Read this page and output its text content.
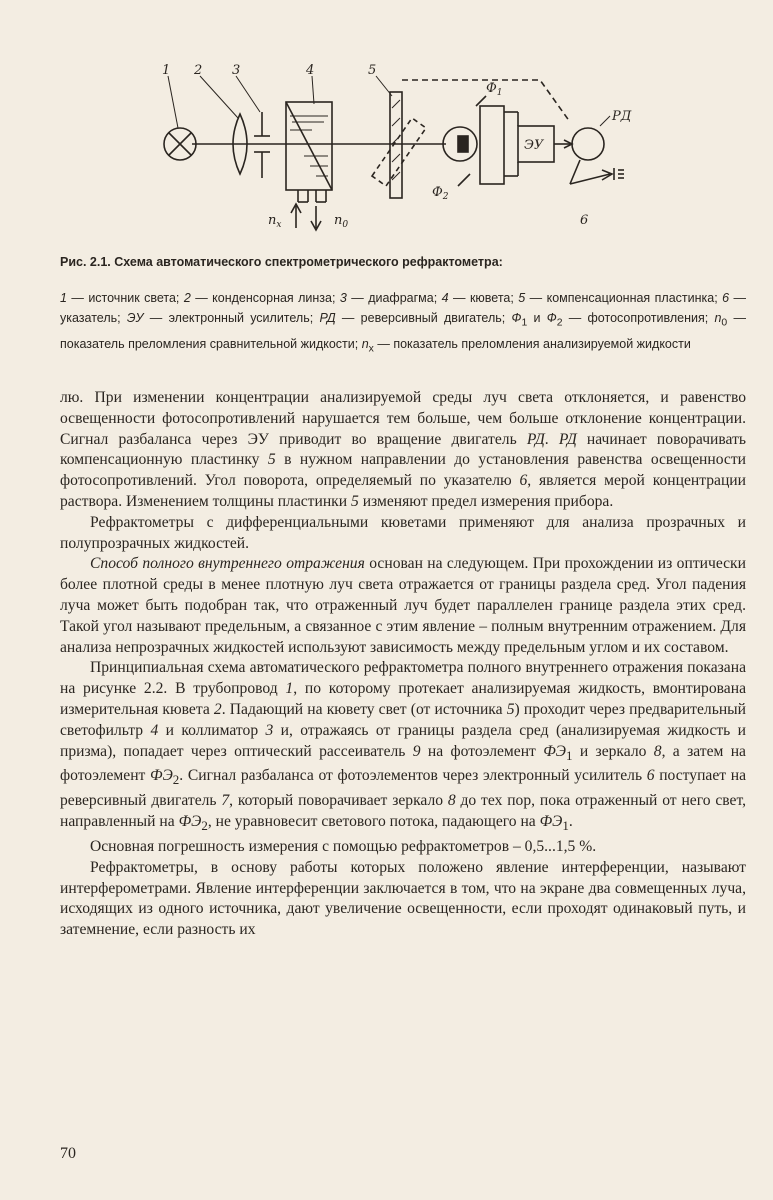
1 2 3	4	5
$Ф_1$
ЭУ
РД
$Ф_2$
6
$n_x$	$n_0$
Рис. 2.1. Схема автоматического спектрометрического рефрактометра:
1 — источник света; 2 — конденсорная линза; 3 — диафрагма; 4 — кювета; 5 — компенсационная пластинка; 6 — указатель; ЭУ — электронный усилитель; РД — реверсивный двигатель; $Ф_1$ и $Ф_2$ — фотосопротивления; $n_0$ — показатель преломления сравнительной жидкости; $n_x$ — показатель преломления анализируемой жидкости

лю. При изменении концентрации анализируемой среды луч света отклоняется, и равенство освещенности фотосопротивлений нарушается тем больше, чем больше отклонение концентрации. Сигнал разбаланса через ЭУ приводит во вращение двигатель РД. РД начинает поворачивать компенсационную пластинку 5 в нужном направлении до установления равенства освещенности фотосопротивлений. Угол поворота, определяемый по указателю 6, является мерой концентрации раствора. Изменением толщины пластинки 5 изменяют предел измерения прибора.

Рефрактометры с дифференциальными кюветами применяют для анализа прозрачных и полупрозрачных жидкостей.

Способ полного внутреннего отражения основан на следующем. При прохождении из оптически более плотной среды в менее плотную луч света отражается от границы раздела сред. Угол падения луча может быть подобран так, что отраженный луч будет параллелен границе раздела этих сред. Такой угол называют предельным, а связанное с этим явление – полным внутренним отражением. Для анализа непрозрачных жидкостей используют зависимость между предельным углом и их составом.

Принципиальная схема автоматического рефрактометра полного внутреннего отражения показана на рисунке 2.2. В трубопровод 1, по которому протекает анализируемая жидкость, вмонтирована измерительная кювета 2. Падающий на кювету свет (от источника 5) проходит через предварительный светофильтр 4 и коллиматор 3 и, отражаясь от границы раздела сред (анализируемая жидкость и призма), попадает через оптический рассеиватель 9 на фотоэлемент $ФЭ_1$ и зеркало 8, а затем на фотоэлемент $ФЭ_2$. Сигнал разбаланса от фотоэлементов через электронный усилитель 6 поступает на реверсивный двигатель 7, который поворачивает зеркало 8 до тех пор, пока отраженный от него свет, направленный на $ФЭ_2$, не уравновесит светового потока, падающего на $ФЭ_1$.

Основная погрешность измерения с помощью рефрактометров – 0,5...1,5 %.

Рефрактометры, в основу работы которых положено явление интерференции, называют интерферометрами. Явление интерференции заключается в том, что на экране два совмещенных луча, исходящих из одного источника, дают увеличение освещенности, если проходят одинаковый путь, и затемнение, если разность их

70
